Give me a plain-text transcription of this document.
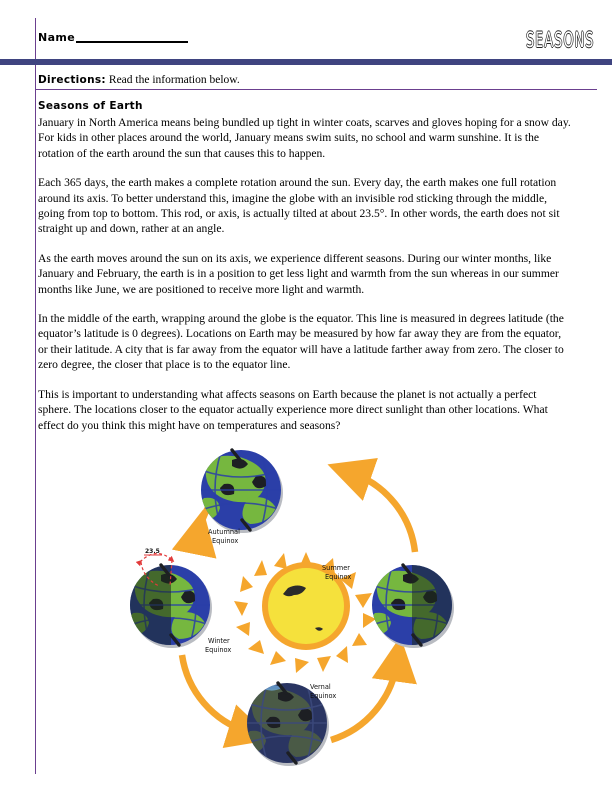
Name	SEASONS
Directions: Read the information below.
Seasons of Earth

January in North America means being bundled up tight in winter coats, scarves and gloves hoping for a snow day. For kids in other places around the world, January means swim suits, no school and warm sunshine. It is the rotation of the earth around the sun that causes this to happen.

Each 365 days, the earth makes a complete rotation around the sun. Every day, the earth makes one full rotation around its axis. To better understand this, imagine the globe with an invisible rod sticking through the middle, going from top to bottom. This rod, or axis, is actually tilted at about 23.5°. In other words, the earth does not sit straight up and down, rather at an angle.

As the earth moves around the sun on its axis, we experience different seasons. During our winter months, like January and February, the earth is in a position to get less light and warmth from the sun whereas in our summer months like June, we are positioned to receive more light and warmth.

In the middle of the earth, wrapping around the globe is the equator. This line is measured in degrees latitude (the equator’s latitude is 0 degrees). Locations on Earth may be measured by how far away they are from the equator, or their latitude. A city that is far away from the equator will have a latitude farther away from zero. The closer to zero degree, the closer that place is to the equator line.

This is important to understanding what affects seasons on Earth because the planet is not actually a perfect sphere. The locations closer to the equator actually experience more direct sunlight than other locations. What effect do you think this might have on temperatures and seasons?

Autumnal
Equinox
23.5
Winter
Equinox
Summer
Equinox
Vernal
Equinox
